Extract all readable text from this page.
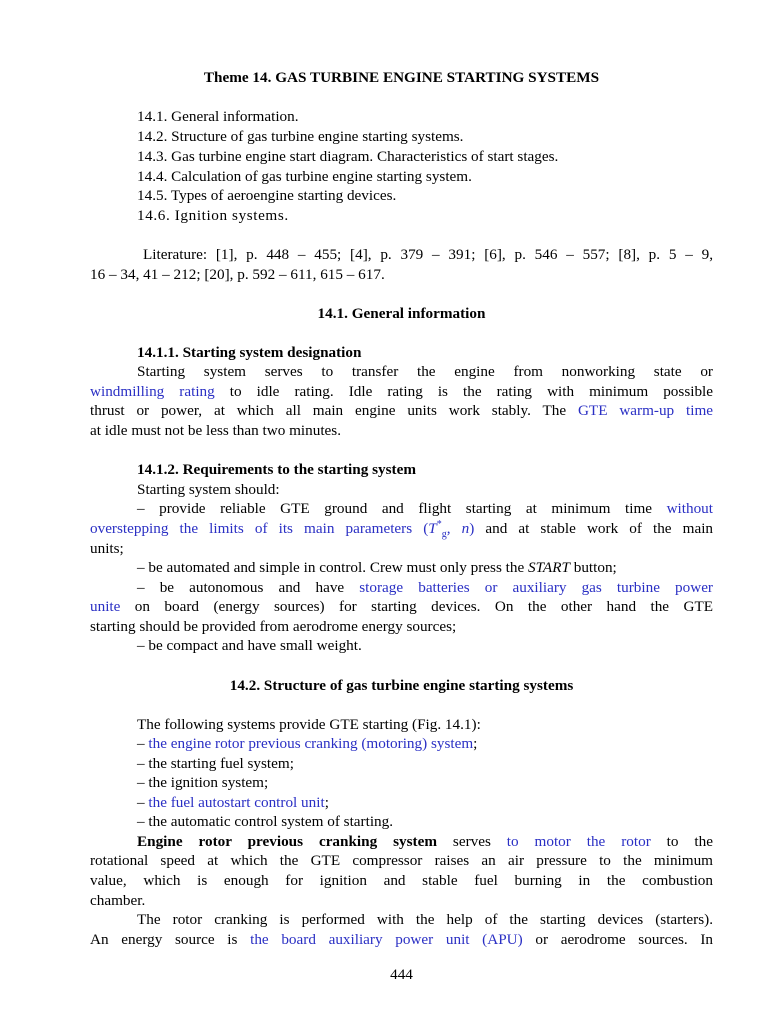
Theme 14. GAS TURBINE ENGINE STARTING SYSTEMS
14.1. General information.
14.2. Structure of gas turbine engine starting systems.
14.3. Gas turbine engine start diagram. Characteristics of start stages.
14.4. Calculation of gas turbine engine starting system.
14.5. Types of aeroengine starting devices.
14.6. Ignition systems.
Literature: [1], p. 448 – 455; [4], p. 379 – 391; [6], p. 546 – 557; [8], p. 5 – 9,
16 – 34, 41 – 212; [20], p. 592 – 611, 615 – 617.
14.1. General information
14.1.1. Starting system designation
Starting system serves to transfer the engine from nonworking state or
windmilling rating to idle rating. Idle rating is the rating with minimum possible
thrust or power, at which all main engine units work stably. The GTE warm-up time
at idle must not be less than two minutes.
14.1.2. Requirements to the starting system
Starting system should:
– provide reliable GTE ground and flight starting at minimum time without
overstepping the limits of its main parameters ($T^*_g$, n) and at stable work of the main
units;
– be automated and simple in control. Crew must only press the START button;
– be autonomous and have storage batteries or auxiliary gas turbine power
unite on board (energy sources) for starting devices. On the other hand the GTE
starting should be provided from aerodrome energy sources;
– be compact and have small weight.
14.2. Structure of gas turbine engine starting systems
The following systems provide GTE starting (Fig. 14.1):
– the engine rotor previous cranking (motoring) system;
– the starting fuel system;
– the ignition system;
– the fuel autostart control unit;
– the automatic control system of starting.
Engine rotor previous cranking system serves to motor the rotor to the
rotational speed at which the GTE compressor raises an air pressure to the minimum
value, which is enough for ignition and stable fuel burning in the combustion
chamber.
The rotor cranking is performed with the help of the starting devices (starters).
An energy source is the board auxiliary power unit (APU) or aerodrome sources. In
444
